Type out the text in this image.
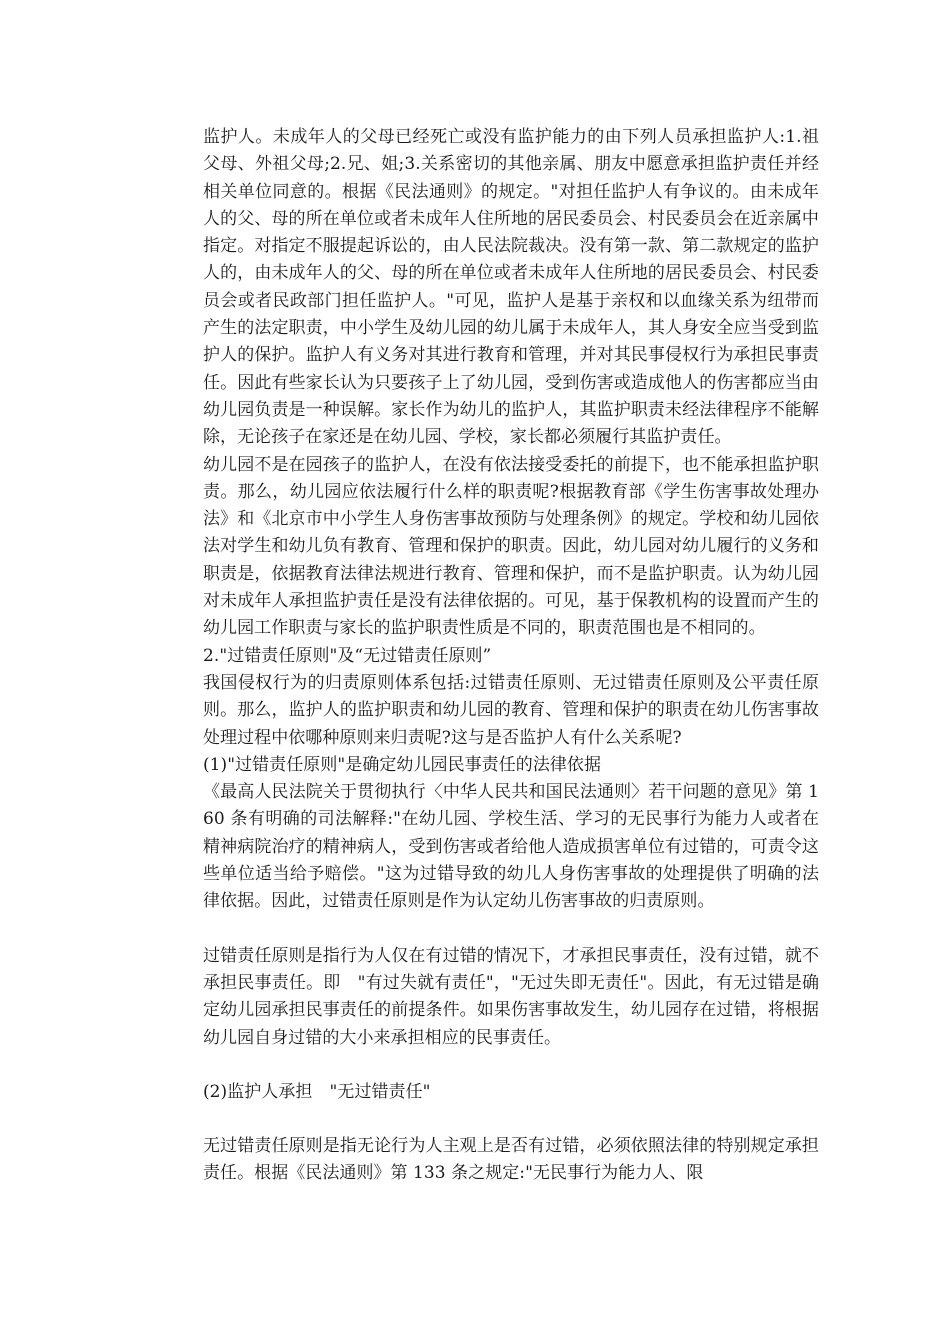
监护人。未成年人的父母已经死亡或没有监护能力的由下列人员承担监护人:1.祖父母、外祖父母;2.兄、姐;3.关系密切的其他亲属、朋友中愿意承担监护责任并经相关单位同意的。根据《民法通则》的规定。"对担任监护人有争议的。由未成年人的父、母的所在单位或者未成年人住所地的居民委员会、村民委员会在近亲属中指定。对指定不服提起诉讼的，由人民法院裁决。没有第一款、第二款规定的监护人的，由未成年人的父、母的所在单位或者未成年人住所地的居民委员会、村民委员会或者民政部门担任监护人。"可见，监护人是基于亲权和以血缘关系为纽带而产生的法定职责，中小学生及幼儿园的幼儿属于未成年人，其人身安全应当受到监护人的保护。监护人有义务对其进行教育和管理，并对其民事侵权行为承担民事责任。因此有些家长认为只要孩子上了幼儿园，受到伤害或造成他人的伤害都应当由幼儿园负责是一种误解。家长作为幼儿的监护人，其监护职责未经法律程序不能解除，无论孩子在家还是在幼儿园、学校，家长都必须履行其监护责任。

幼儿园不是在园孩子的监护人，在没有依法接受委托的前提下，也不能承担监护职责。那么，幼儿园应依法履行什么样的职责呢?根据教育部《学生伤害事故处理办法》和《北京市中小学生人身伤害事故预防与处理条例》的规定。学校和幼儿园依法对学生和幼儿负有教育、管理和保护的职责。因此，幼儿园对幼儿履行的义务和职责是，依据教育法律法规进行教育、管理和保护，而不是监护职责。认为幼儿园对未成年人承担监护责任是没有法律依据的。可见，基于保教机构的设置而产生的幼儿园工作职责与家长的监护职责性质是不同的，职责范围也是不相同的。

2."过错责任原则"及“无过错责任原则”

我国侵权行为的归责原则体系包括:过错责任原则、无过错责任原则及公平责任原则。那么，监护人的监护职责和幼儿园的教育、管理和保护的职责在幼儿伤害事故处理过程中依哪种原则来归责呢?这与是否监护人有什么关系呢?

(1)"过错责任原则"是确定幼儿园民事责任的法律依据

《最高人民法院关于贯彻执行〈中华人民共和国民法通则〉若干问题的意见》第 160 条有明确的司法解释:"在幼儿园、学校生活、学习的无民事行为能力人或者在精神病院治疗的精神病人，受到伤害或者给他人造成损害单位有过错的，可责令这些单位适当给予赔偿。"这为过错导致的幼儿人身伤害事故的处理提供了明确的法律依据。因此，过错责任原则是作为认定幼儿伤害事故的归责原则。

过错责任原则是指行为人仅在有过错的情况下，才承担民事责任，没有过错，就不承担民事责任。即　"有过失就有责任"，"无过失即无责任"。因此，有无过错是确定幼儿园承担民事责任的前提条件。如果伤害事故发生，幼儿园存在过错，将根据幼儿园自身过错的大小来承担相应的民事责任。

(2)监护人承担　"无过错责任"

无过错责任原则是指无论行为人主观上是否有过错，必须依照法律的特别规定承担责任。根据《民法通则》第 133 条之规定:"无民事行为能力人、限
